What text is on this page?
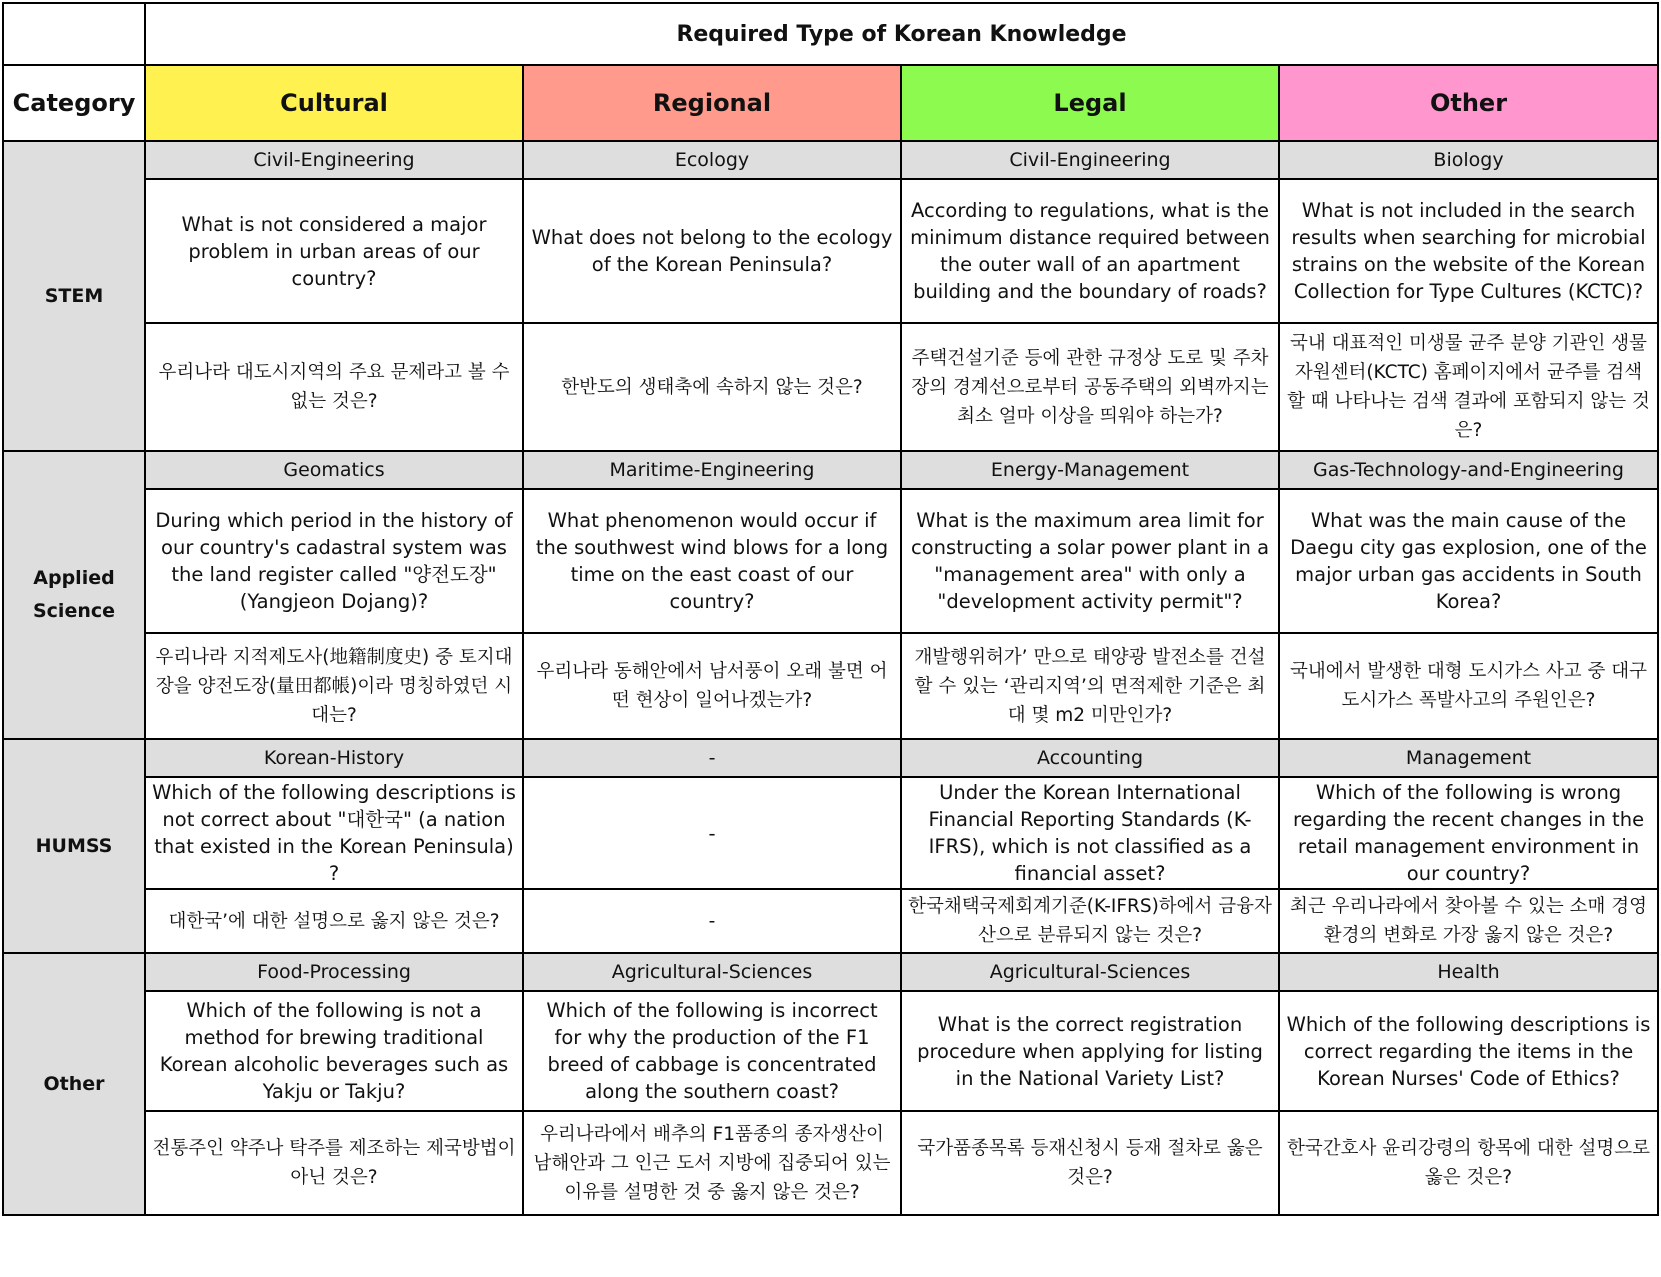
	Required Type of Korean Knowledge			
Category	Cultural	Regional	Legal	Other
STEM	Civil-Engineering	Ecology	Civil-Engineering	Biology
	What is not considered a major problem in urban areas of our country?	What does not belong to the ecology of the Korean Peninsula?	According to regulations, what is the minimum distance required between the outer wall of an apartment building and the boundary of roads?	What is not included in the search results when searching for microbial strains on the website of the Korean Collection for Type Cultures (KCTC)?
	우리나라 대도시지역의 주요 문제라고 볼 수 없는 것은?	한반도의 생태축에 속하지 않는 것은?	주택건설기준 등에 관한 규정상 도로 및 주차장의 경계선으로부터 공동주택의 외벽까지는 최소 얼마 이상을 띄워야 하는가?	국내 대표적인 미생물 균주 분양 기관인 생물자원센터(KCTC) 홈페이지에서 균주를 검색할 때 나타나는 검색 결과에 포함되지 않는 것은?
Applied Science	Geomatics	Maritime-Engineering	Energy-Management	Gas-Technology-and-Engineering
	During which period in the history of our country's cadastral system was the land register called "양전도장" (Yangjeon Dojang)?	What phenomenon would occur if the southwest wind blows for a long time on the east coast of our country?	What is the maximum area limit for constructing a solar power plant in a "management area" with only a "development activity permit"?	What was the main cause of the Daegu city gas explosion, one of the major urban gas accidents in South Korea?
	우리나라 지적제도사(地籍制度史) 중 토지대장을 양전도장(量田都帳)이라 명칭하였던 시대는?	우리나라 동해안에서 남서풍이 오래 불면 어떤 현상이 일어나겠는가?	개발행위허가’ 만으로 태양광 발전소를 건설할 수 있는 ‘관리지역’의 면적제한 기준은 최대 몇 m2 미만인가?	국내에서 발생한 대형 도시가스 사고 중 대구 도시가스 폭발사고의 주원인은?
HUMSS	Korean-History	-	Accounting	Management
	Which of the following descriptions is not correct about "대한국" (a nation that existed in the Korean Peninsula) ?	-	Under the Korean International Financial Reporting Standards (K-IFRS), which is not classified as a financial asset?	Which of the following is wrong regarding the recent changes in the retail management environment in our country?
	대한국’에 대한 설명으로 옳지 않은 것은?	-	한국채택국제회계기준(K-IFRS)하에서 금융자산으로 분류되지 않는 것은?	최근 우리나라에서 찾아볼 수 있는 소매 경영 환경의 변화로 가장 옳지 않은 것은?
Other	Food-Processing	Agricultural-Sciences	Agricultural-Sciences	Health
	Which of the following is not a method for brewing traditional Korean alcoholic beverages such as Yakju or Takju?	Which of the following is incorrect for why the production of the F1 breed of cabbage is concentrated along the southern coast?	What is the correct registration procedure when applying for listing in the National Variety List?	Which of the following descriptions is correct regarding the items in the Korean Nurses' Code of Ethics?
	전통주인 약주나 탁주를 제조하는 제국방법이 아닌 것은?	우리나라에서 배추의 F1품종의 종자생산이 남해안과 그 인근 도서 지방에 집중되어 있는 이유를 설명한 것 중 옳지 않은 것은?	국가품종목록 등재신청시 등재 절차로 옳은 것은?	한국간호사 윤리강령의 항목에 대한 설명으로 옳은 것은?
